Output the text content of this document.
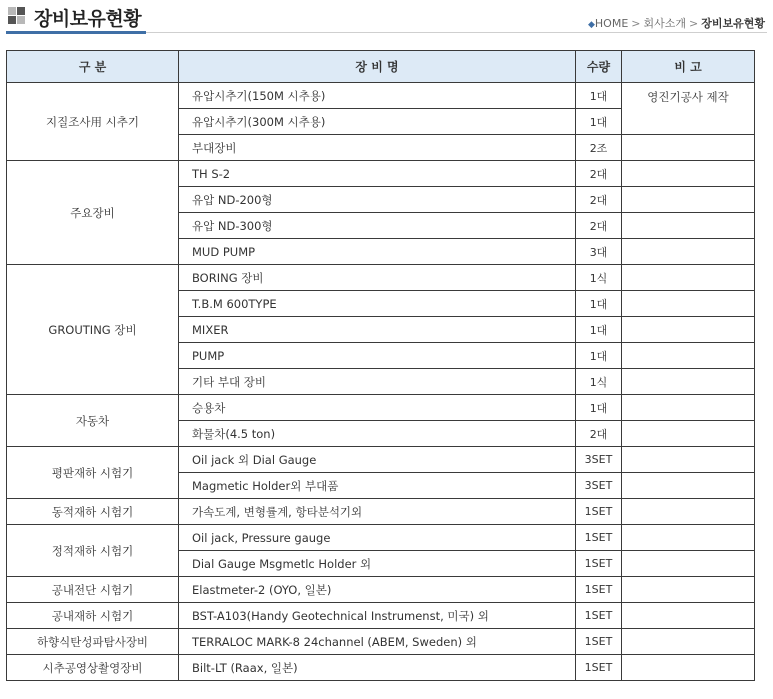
장비보유현황	◆HOME > 회사소개 > 장비보유현황
구 분	장 비 명	수량	비 고
지질조사用 시추기	유압시추기(150M 시추용)	1대	영진기공사 제작

	유압시추기(300M 시추용)	1대	
	부대장비	2조	
주요장비	TH S-2	2대	
	유압 ND-200형	2대	
	유압 ND-300형	2대	
	MUD PUMP	3대	
GROUTING 장비	BORING 장비	1식	
	T.B.M 600TYPE	1대	
	MIXER	1대	
	PUMP	1대	
	기타 부대 장비	1식	
자동차	승용차	1대	
	화물차(4.5 ton)	2대	
평판재하 시험기	Oil jack 외 Dial Gauge	3SET	
	Magmetic Holder외 부대품	3SET	
동적재하 시험기	가속도계, 변형률계, 항타분석기외	1SET	
정적재하 시험기	Oil jack, Pressure gauge	1SET	
	Dial Gauge Msgmetlc Holder 외	1SET	
공내전단 시험기	Elastmeter-2 (OYO, 일본)	1SET	
공내재하 시험기	BST-A103(Handy Geotechnical Instrumenst, 미국) 외	1SET	
하향식탄성파탐사장비	TERRALOC MARK-8 24channel (ABEM, Sweden) 외	1SET	
시추공영상촬영장비	Bilt-LT (Raax, 일본)	1SET	
